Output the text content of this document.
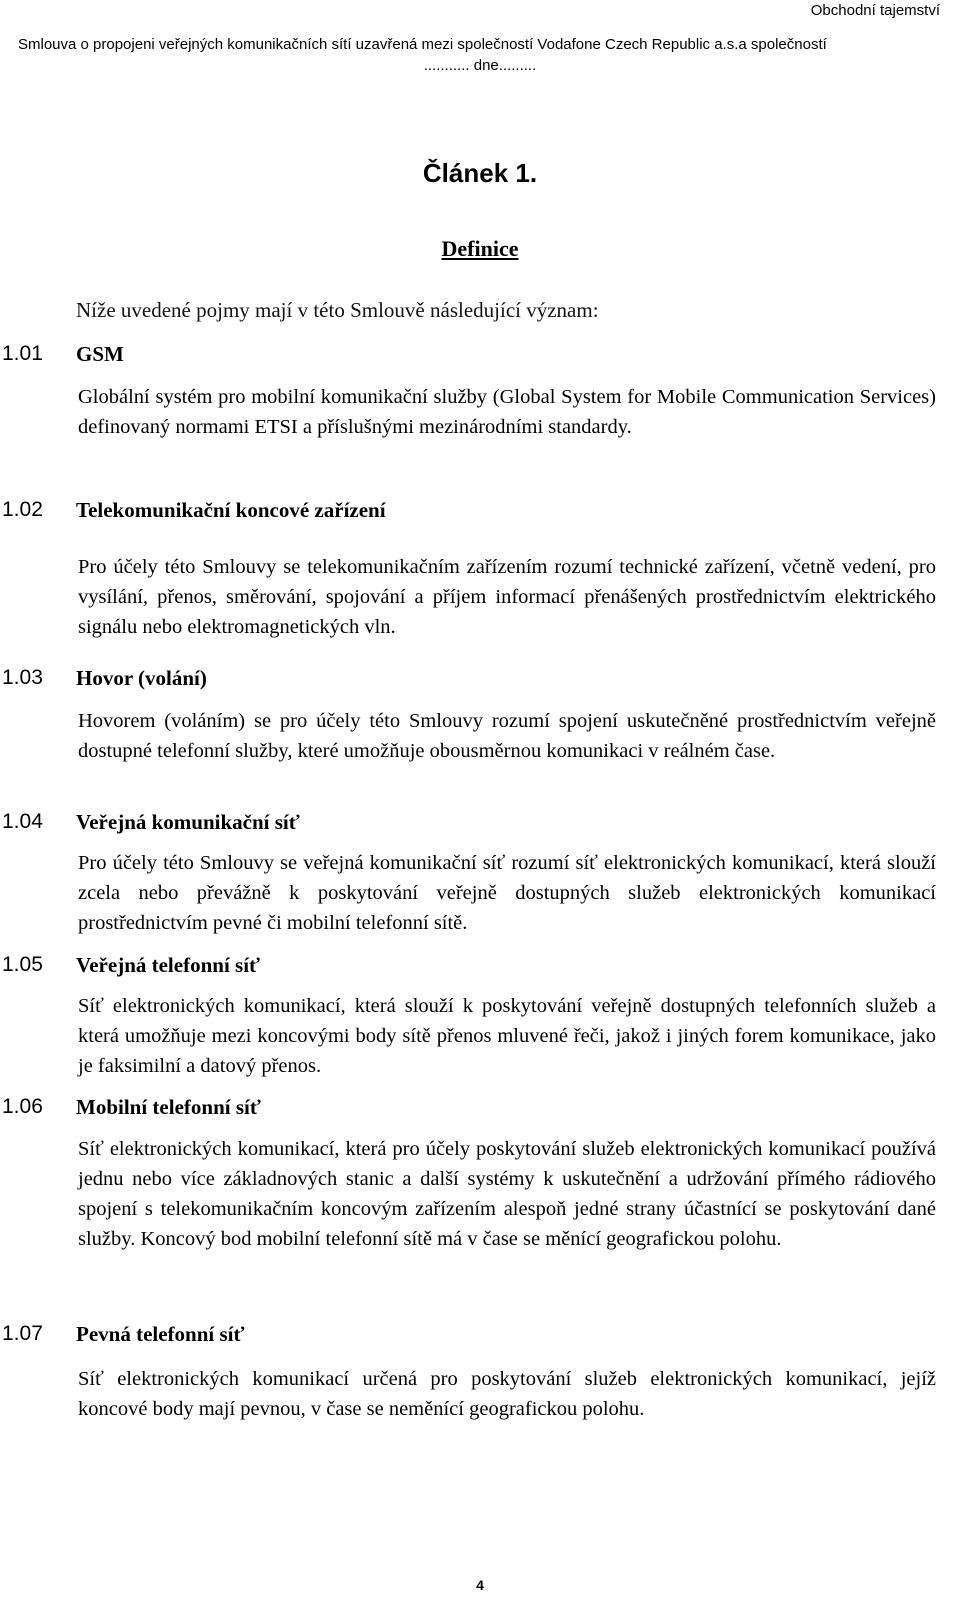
Obchodní tajemství
Smlouva o propojeni veřejných komunikačních sítí uzavřená mezi společností Vodafone Czech Republic a.s.a společností
........... dne.........
Článek 1.
Definice
Níže uvedené pojmy mají v této Smlouvě následující význam:
1.01 GSM
Globální systém pro mobilní komunikační služby (Global System for Mobile Communication Services) definovaný normami ETSI a příslušnými mezinárodními standardy.
1.02 Telekomunikační koncové zařízení
Pro účely této Smlouvy se telekomunikačním zařízením rozumí technické zařízení, včetně vedení, pro vysílání, přenos, směrování, spojování a příjem informací přenášených prostřednictvím elektrického signálu nebo elektromagnetických vln.
1.03 Hovor (volání)
Hovorem (voláním) se pro účely této Smlouvy rozumí spojení uskutečněné prostřednictvím veřejně dostupné telefonní služby, které umožňuje obousměrnou komunikaci v reálném čase.
1.04 Veřejná komunikační síť
Pro účely této Smlouvy se veřejná komunikační síť rozumí síť elektronických komunikací, která slouží zcela nebo převážně k poskytování veřejně dostupných služeb elektronických komunikací prostřednictvím pevné či mobilní telefonní sítě.
1.05 Veřejná telefonní síť
Síť elektronických komunikací, která slouží k poskytování veřejně dostupných telefonních služeb a která umožňuje mezi koncovými body sítě přenos mluvené řeči, jakož i jiných forem komunikace, jako je faksimilní a datový přenos.
1.06 Mobilní telefonní síť
Síť elektronických komunikací, která pro účely poskytování služeb elektronických komunikací používá jednu nebo více základnových stanic a další systémy k uskutečnění a udržování přímého rádiového spojení s telekomunikačním koncovým zařízením alespoň jedné strany účastnící se poskytování dané služby. Koncový bod mobilní telefonní sítě má v čase se měnící geografickou polohu.
1.07 Pevná telefonní síť
Síť elektronických komunikací určená pro poskytování služeb elektronických komunikací, jejíž koncové body mají pevnou, v čase se neměnící geografickou polohu.
4
